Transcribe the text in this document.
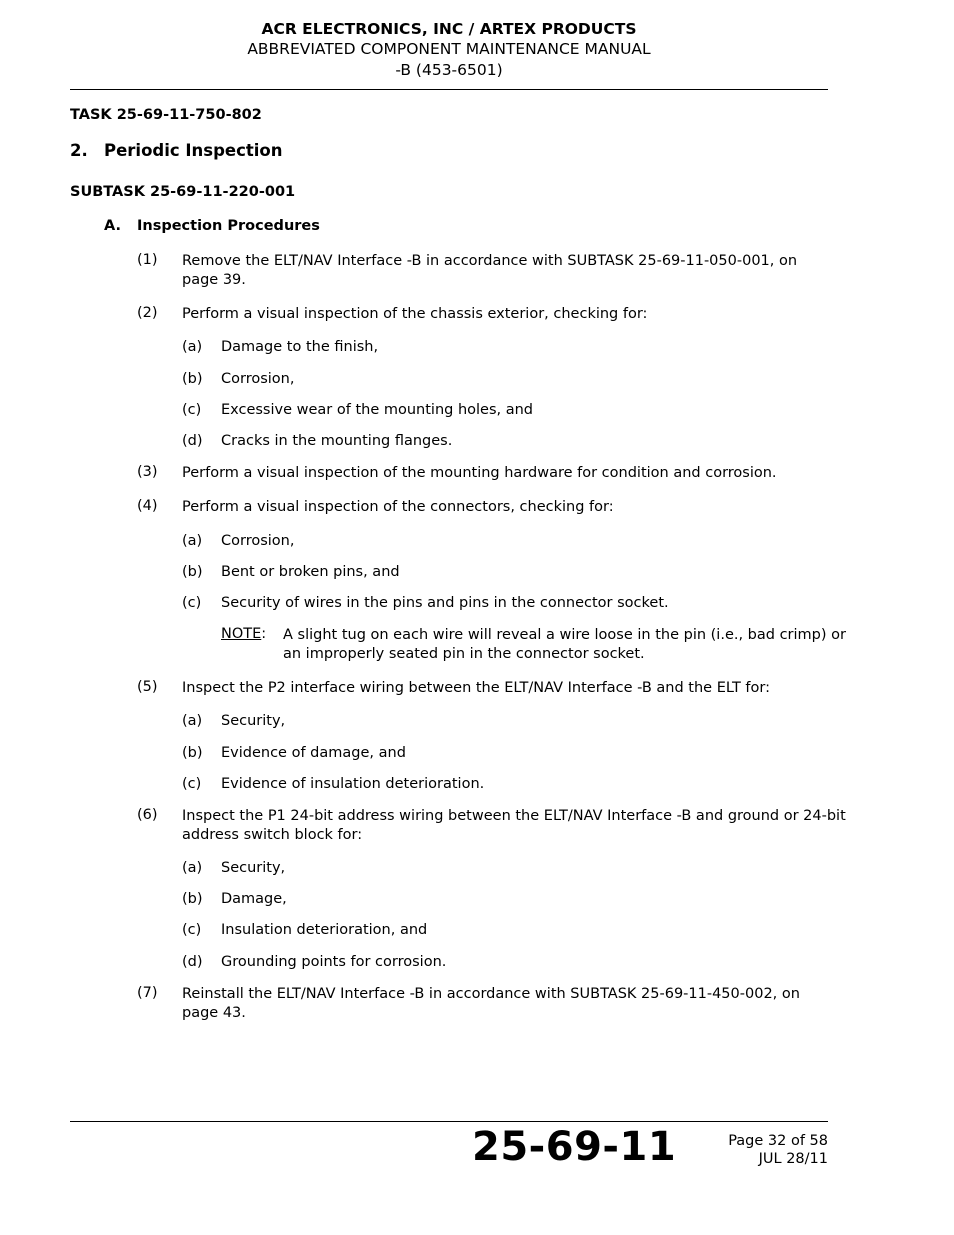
ACR ELECTRONICS, INC / ARTEX PRODUCTS
ABBREVIATED COMPONENT MAINTENANCE MANUAL
-B (453-6501)
TASK 25-69-11-750-802
2. Periodic Inspection
SUBTASK 25-69-11-220-001
A. Inspection Procedures
(1) Remove the ELT/NAV Interface -B in accordance with SUBTASK 25-69-11-050-001, on
page 39.
(2) Perform a visual inspection of the chassis exterior, checking for:
(a) Damage to the finish,
(b) Corrosion,
(c) Excessive wear of the mounting holes, and
(d) Cracks in the mounting flanges.
(3) Perform a visual inspection of the mounting hardware for condition and corrosion.
(4) Perform a visual inspection of the connectors, checking for:
(a) Corrosion,
(b) Bent or broken pins, and
(c) Security of wires in the pins and pins in the connector socket.
NOTE: A slight tug on each wire will reveal a wire loose in the pin (i.e., bad crimp) or
an improperly seated pin in the connector socket.
(5) Inspect the P2 interface wiring between the ELT/NAV Interface -B and the ELT for:
(a) Security,
(b) Evidence of damage, and
(c) Evidence of insulation deterioration.
(6) Inspect the P1 24-bit address wiring between the ELT/NAV Interface -B and ground or 24-bit
address switch block for:
(a) Security,
(b) Damage,
(c) Insulation deterioration, and
(d) Grounding points for corrosion.
(7) Reinstall the ELT/NAV Interface -B in accordance with SUBTASK 25-69-11-450-002, on
page 43.
25-69-11	Page 32 of 58
JUL 28/11
